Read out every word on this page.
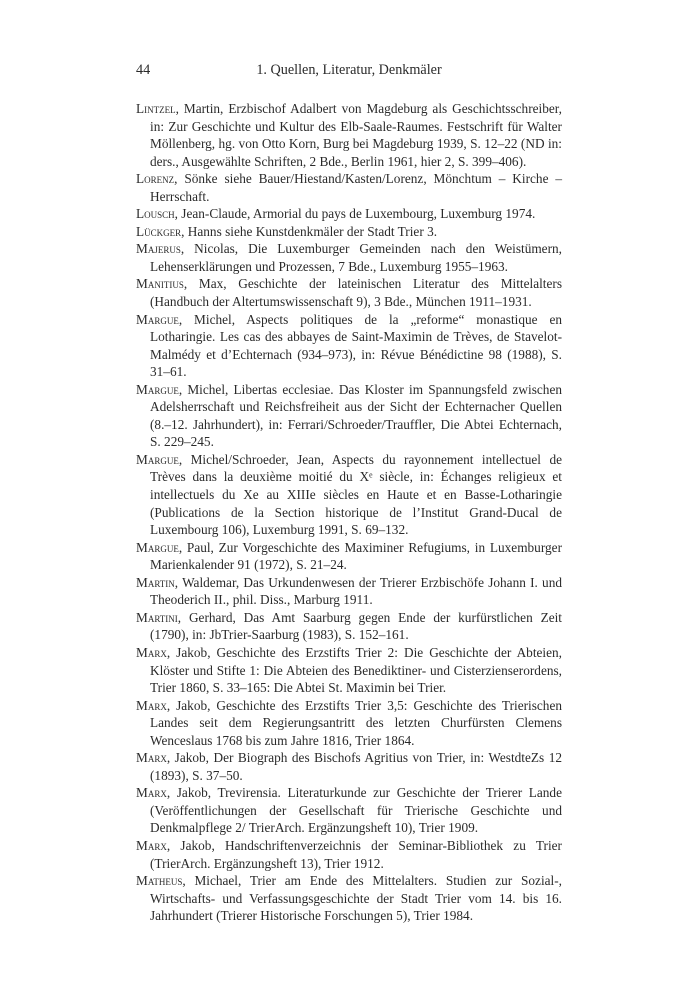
44	1. Quellen, Literatur, Denkmäler

Lintzel, Martin, Erzbischof Adalbert von Magdeburg als Geschichtsschreiber, in: Zur Geschichte und Kultur des Elb-Saale-Raumes. Festschrift für Walter Möllenberg, hg. von Otto Korn, Burg bei Magdeburg 1939, S. 12–22 (ND in: ders., Ausgewählte Schriften, 2 Bde., Berlin 1961, hier 2, S. 399–406).

Lorenz, Sönke siehe Bauer/Hiestand/Kasten/Lorenz, Mönchtum – Kirche – Herrschaft.

Lousch, Jean-Claude, Armorial du pays de Luxembourg, Luxemburg 1974.

Lückger, Hanns siehe Kunstdenkmäler der Stadt Trier 3.

Majerus, Nicolas, Die Luxemburger Gemeinden nach den Weistümern, Lehenserklärungen und Prozessen, 7 Bde., Luxemburg 1955–1963.

Manitius, Max, Geschichte der lateinischen Literatur des Mittelalters (Handbuch der Altertumswissenschaft 9), 3 Bde., München 1911–1931.

Margue, Michel, Aspects politiques de la „reforme“ monastique en Lotharingie. Les cas des abbayes de Saint-Maximin de Trèves, de Stavelot-Malmédy et d’Echternach (934–973), in: Révue Bénédictine 98 (1988), S. 31–61.

Margue, Michel, Libertas ecclesiae. Das Kloster im Spannungsfeld zwischen Adelsherrschaft und Reichsfreiheit aus der Sicht der Echternacher Quellen (8.–12. Jahrhundert), in: Ferrari/Schroeder/Trauffler, Die Abtei Echternach, S. 229–245.

Margue, Michel/Schroeder, Jean, Aspects du rayonnement intellectuel de Trèves dans la deuxième moitié du Xᵉ siècle, in: Échanges religieux et intellectuels du Xe au XIIIe siècles en Haute et en Basse-Lotharingie (Publications de la Section historique de l’Institut Grand-Ducal de Luxembourg 106), Luxemburg 1991, S. 69–132.

Margue, Paul, Zur Vorgeschichte des Maximiner Refugiums, in Luxemburger Marienkalender 91 (1972), S. 21–24.

Martin, Waldemar, Das Urkundenwesen der Trierer Erzbischöfe Johann I. und Theoderich II., phil. Diss., Marburg 1911.

Martini, Gerhard, Das Amt Saarburg gegen Ende der kurfürstlichen Zeit (1790), in: JbTrier-Saarburg (1983), S. 152–161.

Marx, Jakob, Geschichte des Erzstifts Trier 2: Die Geschichte der Abteien, Klöster und Stifte 1: Die Abteien des Benediktiner- und Cisterzienserordens, Trier 1860, S. 33–165: Die Abtei St. Maximin bei Trier.

Marx, Jakob, Geschichte des Erzstifts Trier 3,5: Geschichte des Trierischen Landes seit dem Regierungsantritt des letzten Churfürsten Clemens Wenceslaus 1768 bis zum Jahre 1816, Trier 1864.

Marx, Jakob, Der Biograph des Bischofs Agritius von Trier, in: WestdteZs 12 (1893), S. 37–50.

Marx, Jakob, Trevirensia. Literaturkunde zur Geschichte der Trierer Lande (Veröffentlichungen der Gesellschaft für Trierische Geschichte und Denkmalpflege 2/ TrierArch. Ergänzungsheft 10), Trier 1909.

Marx, Jakob, Handschriftenverzeichnis der Seminar-Bibliothek zu Trier (TrierArch. Ergänzungsheft 13), Trier 1912.

Matheus, Michael, Trier am Ende des Mittelalters. Studien zur Sozial-, Wirtschafts- und Verfassungsgeschichte der Stadt Trier vom 14. bis 16. Jahrhundert (Trierer Historische Forschungen 5), Trier 1984.
